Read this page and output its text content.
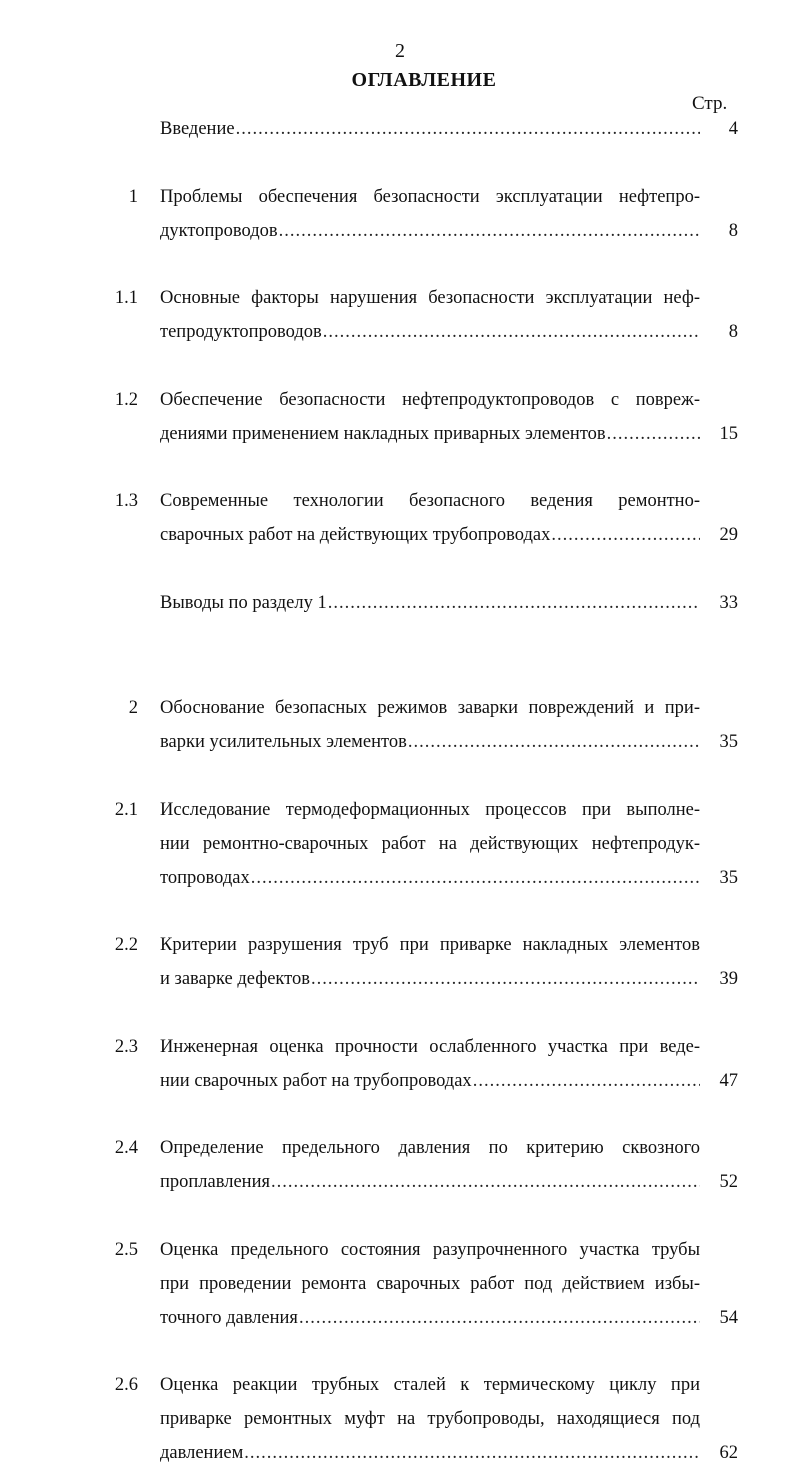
2
ОГЛАВЛЕНИЕ
Стр.
Введение .....	4
1 Проблемы обеспечения безопасности эксплуатации нефтепро-
дуктопроводов .....	8
1.1 Основные факторы нарушения безопасности эксплуатации неф-
тепродуктопроводов .....	8
1.2 Обеспечение безопасности нефтепродуктопроводов с повреж-
дениями применением накладных приварных элементов .....	15
1.3 Современные технологии безопасного ведения ремонтно-
сварочных работ на действующих трубопроводах .....	29
Выводы по разделу 1 .....	33
2 Обоснование безопасных режимов заварки повреждений и при-
варки усилительных элементов .....	35
2.1 Исследование термодеформационных процессов при выполне-
нии ремонтно-сварочных работ на действующих нефтепродук-
топроводах .....	35
2.2 Критерии разрушения труб при приварке накладных элементов
и заварке дефектов .....	39
2.3 Инженерная оценка прочности ослабленного участка при веде-
нии сварочных работ на трубопроводах .....	47
2.4 Определение предельного давления по критерию сквозного
проплавления .....	52
2.5 Оценка предельного состояния разупрочненного участка трубы
при проведении ремонта сварочных работ под действием избы-
точного давления .....	54
2.6 Оценка реакции трубных сталей к термическому циклу при
приварке ремонтных муфт на трубопроводы, находящиеся под
давлением .....	62
